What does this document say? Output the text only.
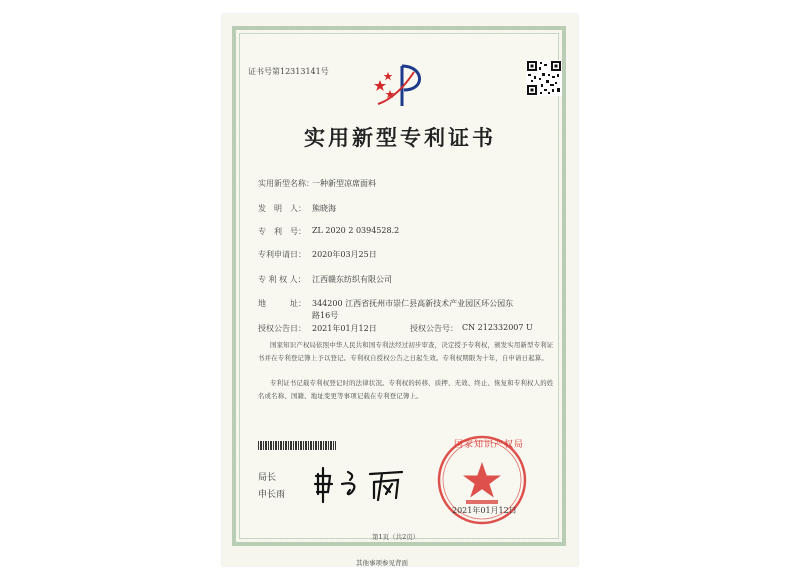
证书号第12313141号
实用新型专利证书
实用新型名称：
一种新型凉席面料
发　明　人： 熊晓海
专　利　号： ZL 2020 2 0394528.2
专利申请日： 2020年03月25日
专 利 权 人： 江西赣东纺织有限公司
地　　　址： 344200 江西省抚州市崇仁县高新技术产业园区环公园东
路16号
授权公告日： 2021年01月12日	授权公告号： CN 212332007 U
国家知识产权局依照中华人民共和国专利法经过初步审查，决定授予专利权，颁发实用新型专利证书并在专利登记簿上予以登记。专利权自授权公告之日起生效。专利权期限为十年，自申请日起算。
专利证书记载专利权登记时的法律状况。专利权的转移、质押、无效、终止、恢复和专利权人的姓名或名称、国籍、地址变更等事项记载在专利登记簿上。
局长
申长雨
国家知识产权局
2021年01月12日
第1页（共2页）
其他事项参见背面
